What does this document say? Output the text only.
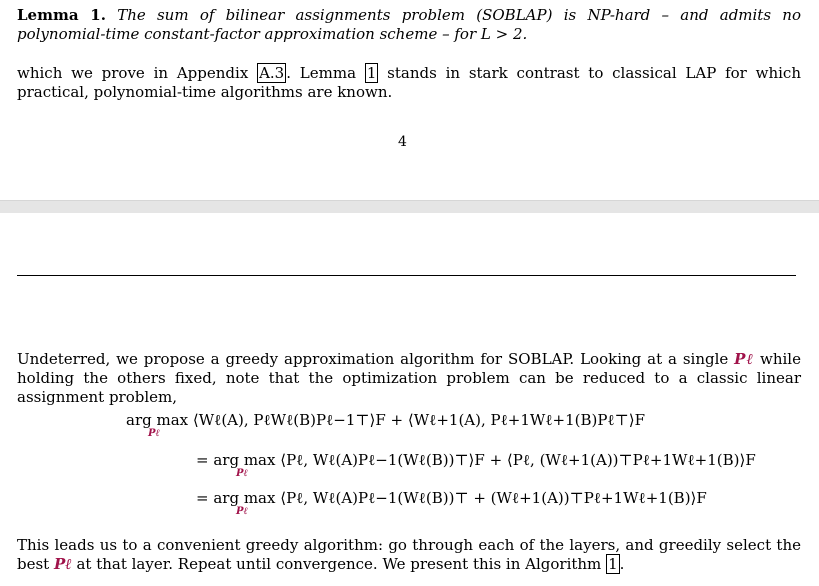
Lemma 1. The sum of bilinear assignments problem (SOBLAP) is NP-hard – and admits no polynomial-time constant-factor approximation scheme – for L > 2.
which we prove in Appendix A.3 . Lemma 1 stands in stark contrast to classical LAP for which practical, polynomial-time algorithms are known.
4
Undeterred, we propose a greedy approximation algorithm for SOBLAP. Looking at a single Pℓ while holding the others fixed, note that the optimization problem can be reduced to a classic linear assignment problem,
arg max ⟨Wℓ(A), PℓWℓ(B)Pℓ−1⊤⟩F + ⟨Wℓ+1(A), Pℓ+1Wℓ+1(B)Pℓ⊤⟩F
Pℓ
= arg max ⟨Pℓ, Wℓ(A)Pℓ−1(Wℓ(B))⊤⟩F + ⟨Pℓ, (Wℓ+1(A))⊤Pℓ+1Wℓ+1(B)⟩F
Pℓ
= arg max ⟨Pℓ, Wℓ(A)Pℓ−1(Wℓ(B))⊤ + (Wℓ+1(A))⊤Pℓ+1Wℓ+1(B)⟩F
Pℓ
This leads us to a convenient greedy algorithm: go through each of the layers, and greedily select the best Pℓ at that layer. Repeat until convergence. We present this in Algorithm 1 .
